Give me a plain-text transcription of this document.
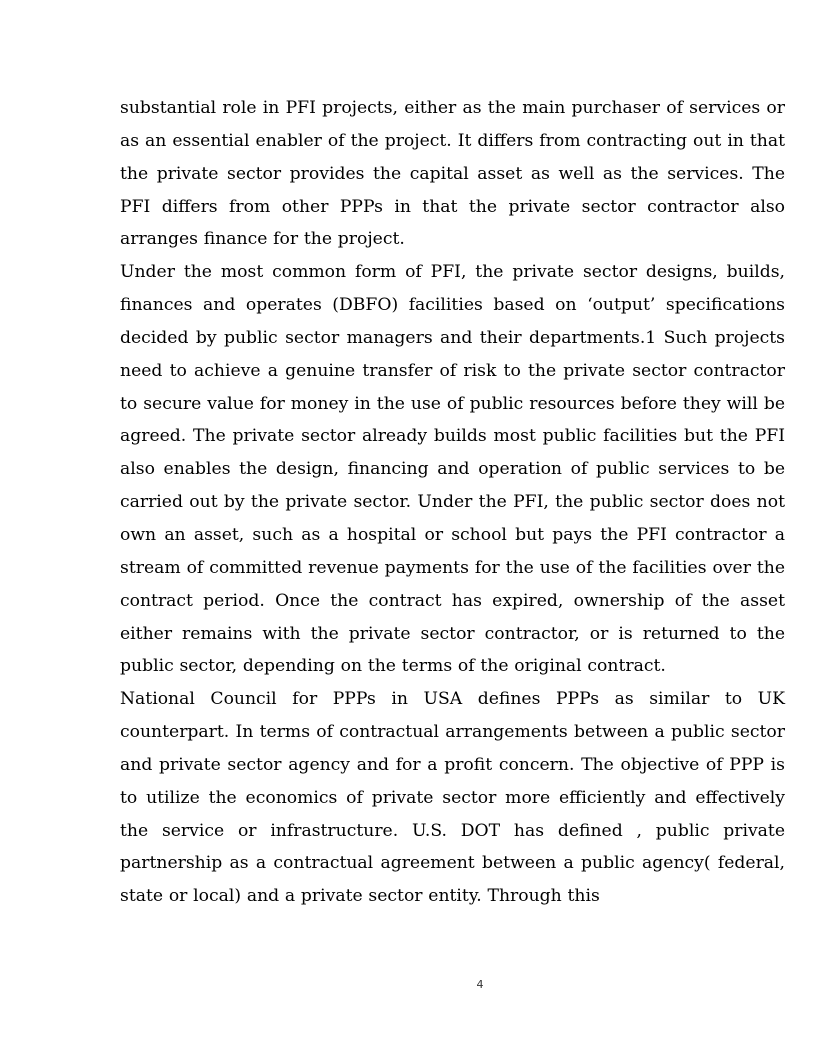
substantial role in PFI projects, either as the main purchaser of services or as an essential enabler of the project. It differs from contracting out in that the private sector provides the capital asset as well as the services. The PFI differs from other PPPs in that the private sector contractor also arranges finance for the project.

Under the most common form of PFI, the private sector designs, builds, finances and operates (DBFO) facilities based on ‘output’ specifications decided by public sector managers and their departments.1 Such projects need to achieve a genuine transfer of risk to the private sector contractor to secure value for money in the use of public resources before they will be agreed. The private sector already builds most public facilities but the PFI also enables the design, financing and operation of public services to be carried out by the private sector. Under the PFI, the public sector does not own an asset, such as a hospital or school but pays the PFI contractor a stream of committed revenue payments for the use of the facilities over the contract period. Once the contract has expired, ownership of the asset either remains with the private sector contractor, or is returned to the public sector, depending on the terms of the original contract.

National Council for PPPs in USA defines PPPs as similar to UK counterpart. In terms of contractual arrangements between a public sector and private sector agency and for a profit concern. The objective of PPP is to utilize the economics of private sector more efficiently and effectively the service or infrastructure. U.S. DOT has defined , public private partnership as a contractual agreement between a public agency( federal, state or local) and a private sector entity. Through this

4
